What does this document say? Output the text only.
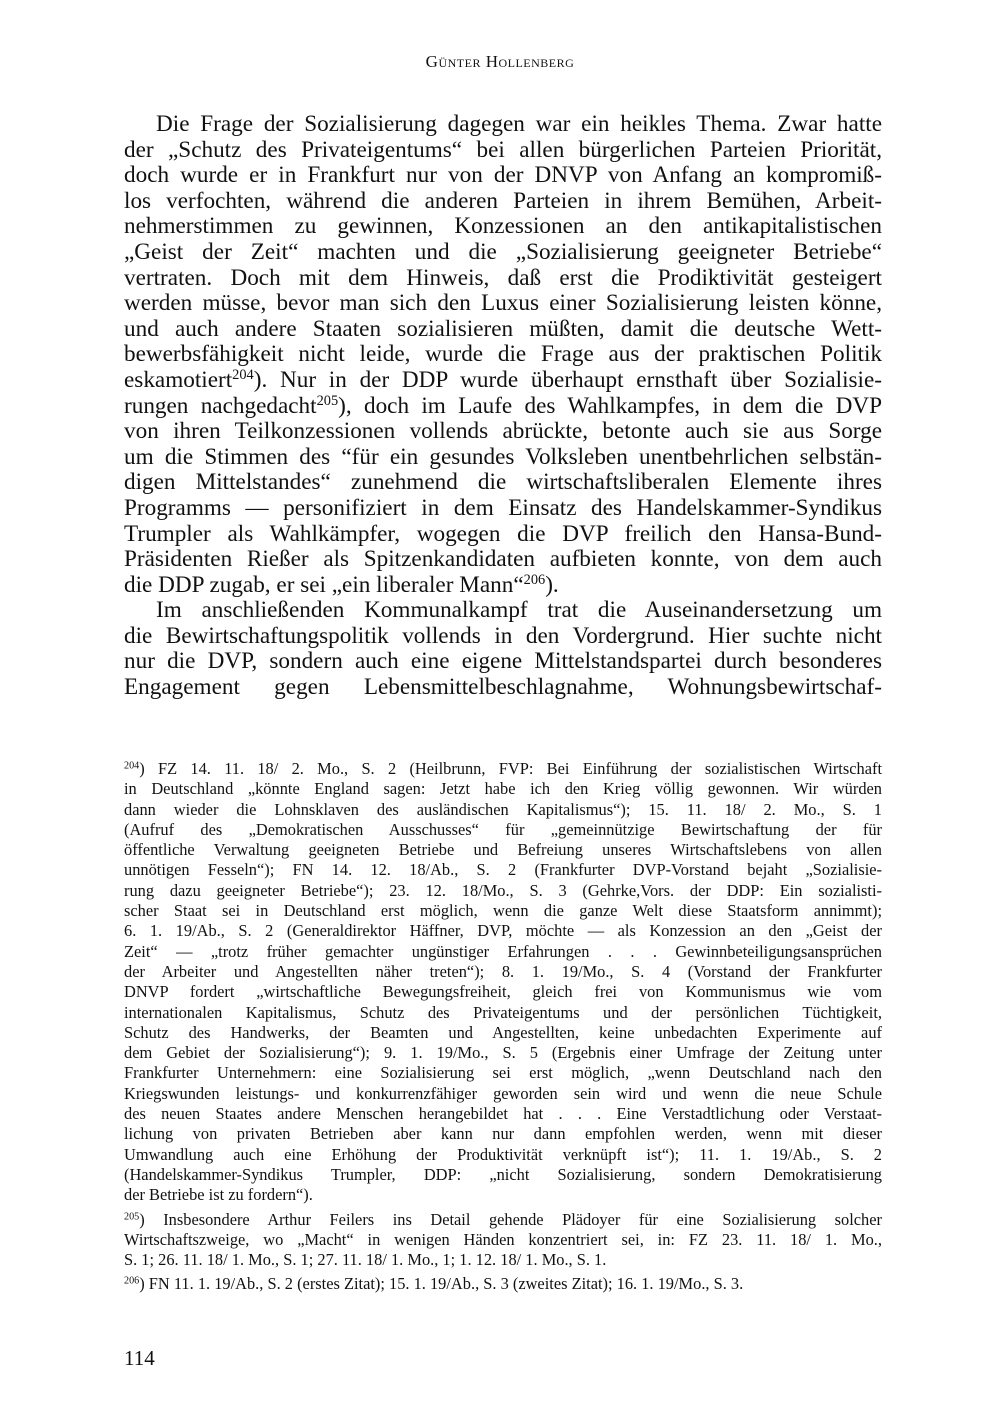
Günter Hollenberg
Die Frage der Sozialisierung dagegen war ein heikles Thema. Zwar hatte
der „Schutz des Privateigentums“ bei allen bürgerlichen Parteien Priorität,
doch wurde er in Frankfurt nur von der DNVP von Anfang an kompromiß-
los verfochten, während die anderen Parteien in ihrem Bemühen, Arbeit-
nehmerstimmen zu gewinnen, Konzessionen an den antikapitalistischen
„Geist der Zeit“ machten und die „Sozialisierung geeigneter Betriebe“
vertraten. Doch mit dem Hinweis, daß erst die Prodiktivität gesteigert
werden müsse, bevor man sich den Luxus einer Sozialisierung leisten könne,
und auch andere Staaten sozialisieren müßten, damit die deutsche Wett-
bewerbsfähigkeit nicht leide, wurde die Frage aus der praktischen Politik
eskamotiert$^{204}$). Nur in der DDP wurde überhaupt ernsthaft über Sozialisie-
rungen nachgedacht$^{205}$), doch im Laufe des Wahlkampfes, in dem die DVP
von ihren Teilkonzessionen vollends abrückte, betonte auch sie aus Sorge
um die Stimmen des “für ein gesundes Volksleben unentbehrlichen selbstän-
digen Mittelstandes“ zunehmend die wirtschaftsliberalen Elemente ihres
Programms — personifiziert in dem Einsatz des Handelskammer-Syndikus
Trumpler als Wahlkämpfer, wogegen die DVP freilich den Hansa-Bund-
Präsidenten Rießer als Spitzenkandidaten aufbieten konnte, von dem auch
die DDP zugab, er sei „ein liberaler Mann“$^{206}$).
Im anschließenden Kommunalkampf trat die Auseinandersetzung um
die Bewirtschaftungspolitik vollends in den Vordergrund. Hier suchte nicht
nur die DVP, sondern auch eine eigene Mittelstandspartei durch besonderes
Engagement gegen Lebensmittelbeschlagnahme, Wohnungsbewirtschaf-
$^{204}$) FZ 14. 11. 18/ 2. Mo., S. 2 (Heilbrunn, FVP: Bei Einführung der sozialistischen Wirtschaft
in Deutschland „könnte England sagen: Jetzt habe ich den Krieg völlig gewonnen. Wir würden
dann wieder die Lohnsklaven des ausländischen Kapitalismus“); 15. 11. 18/ 2. Mo., S. 1
(Aufruf des „Demokratischen Ausschusses“ für „gemeinnützige Bewirtschaftung der für
öffentliche Verwaltung geeigneten Betriebe und Befreiung unseres Wirtschaftslebens von allen
unnötigen Fesseln“); FN 14. 12. 18/Ab., S. 2 (Frankfurter DVP-Vorstand bejaht „Sozialisie-
rung dazu geeigneter Betriebe“); 23. 12. 18/Mo., S. 3 (Gehrke,Vors. der DDP: Ein sozialisti-
scher Staat sei in Deutschland erst möglich, wenn die ganze Welt diese Staatsform annimmt);
6. 1. 19/Ab., S. 2 (Generaldirektor Häffner, DVP, möchte — als Konzession an den „Geist der
Zeit“ — „trotz früher gemachter ungünstiger Erfahrungen . . . Gewinnbeteiligungsansprüchen
der Arbeiter und Angestellten näher treten“); 8. 1. 19/Mo., S. 4 (Vorstand der Frankfurter
DNVP fordert „wirtschaftliche Bewegungsfreiheit, gleich frei von Kommunismus wie vom
internationalen Kapitalismus, Schutz des Privateigentums und der persönlichen Tüchtigkeit,
Schutz des Handwerks, der Beamten und Angestellten, keine unbedachten Experimente auf
dem Gebiet der Sozialisierung“); 9. 1. 19/Mo., S. 5 (Ergebnis einer Umfrage der Zeitung unter
Frankfurter Unternehmern: eine Sozialisierung sei erst möglich, „wenn Deutschland nach den
Kriegswunden leistungs- und konkurrenzfähiger geworden sein wird und wenn die neue Schule
des neuen Staates andere Menschen herangebildet hat . . . Eine Verstadtlichung oder Verstaat-
lichung von privaten Betrieben aber kann nur dann empfohlen werden, wenn mit dieser
Umwandlung auch eine Erhöhung der Produktivität verknüpft ist“); 11. 1. 19/Ab., S. 2
(Handelskammer-Syndikus Trumpler, DDP: „nicht Sozialisierung, sondern Demokratisierung
der Betriebe ist zu fordern“).
$^{205}$) Insbesondere Arthur Feilers ins Detail gehende Plädoyer für eine Sozialisierung solcher
Wirtschaftszweige, wo „Macht“ in wenigen Händen konzentriert sei, in: FZ 23. 11. 18/ 1. Mo.,
S. 1; 26. 11. 18/ 1. Mo., S. 1; 27. 11. 18/ 1. Mo., 1; 1. 12. 18/ 1. Mo., S. 1.
$^{206}$) FN 11. 1. 19/Ab., S. 2 (erstes Zitat); 15. 1. 19/Ab., S. 3 (zweites Zitat); 16. 1. 19/Mo., S. 3.
114
